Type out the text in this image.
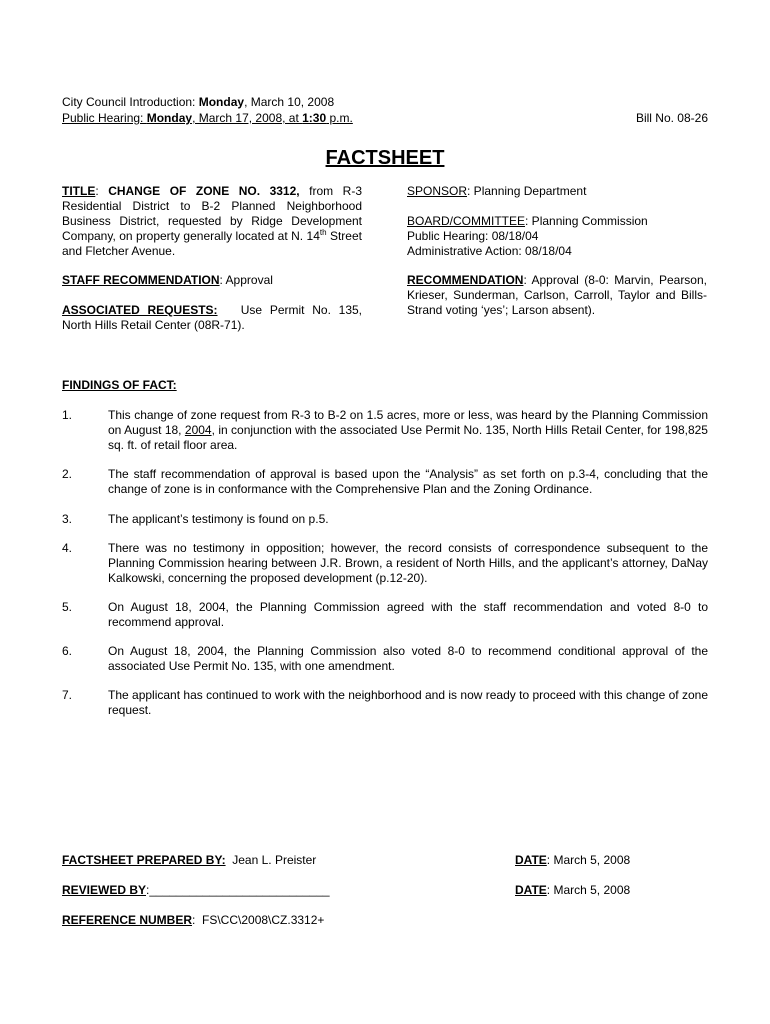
City Council Introduction: Monday, March 10, 2008
Public Hearing: Monday, March 17, 2008, at 1:30 p.m.	Bill No. 08-26
FACTSHEET
TITLE: CHANGE OF ZONE NO. 3312, from R-3 Residential District to B-2 Planned Neighborhood Business District, requested by Ridge Development Company, on property generally located at N. 14th Street and Fletcher Avenue.
STAFF RECOMMENDATION: Approval
ASSOCIATED REQUESTS:   Use Permit No. 135, North Hills Retail Center (08R-71).
SPONSOR: Planning Department
BOARD/COMMITTEE: Planning Commission
Public Hearing: 08/18/04
Administrative Action: 08/18/04
RECOMMENDATION: Approval (8-0: Marvin, Pearson, Krieser, Sunderman, Carlson, Carroll, Taylor and Bills-Strand voting ‘yes’; Larson absent).
FINDINGS OF FACT:
1.	This change of zone request from R-3 to B-2 on 1.5 acres, more or less, was heard by the Planning Commission on August 18, 2004, in conjunction with the associated Use Permit No. 135, North Hills Retail Center, for 198,825 sq. ft. of retail floor area.
2.	The staff recommendation of approval is based upon the “Analysis” as set forth on p.3-4, concluding that the change of zone is in conformance with the Comprehensive Plan and the Zoning Ordinance.
3.	The applicant’s testimony is found on p.5.
4.	There was no testimony in opposition; however, the record consists of correspondence subsequent to the Planning Commission hearing between J.R. Brown, a resident of North Hills, and the applicant’s attorney, DaNay Kalkowski, concerning the proposed development (p.12-20).
5.	On August 18, 2004, the Planning Commission agreed with the staff recommendation and voted 8-0 to recommend approval.
6.	On August 18, 2004, the Planning Commission also voted 8-0 to recommend conditional approval of the associated Use Permit No. 135, with one amendment.
7.	The applicant has continued to work with the neighborhood and is now ready to proceed with this change of zone request.
FACTSHEET PREPARED BY:  Jean L. Preister	DATE: March 5, 2008
REVIEWED BY:___________________________	DATE: March 5, 2008
REFERENCE NUMBER:  FS\CC\2008\CZ.3312+
